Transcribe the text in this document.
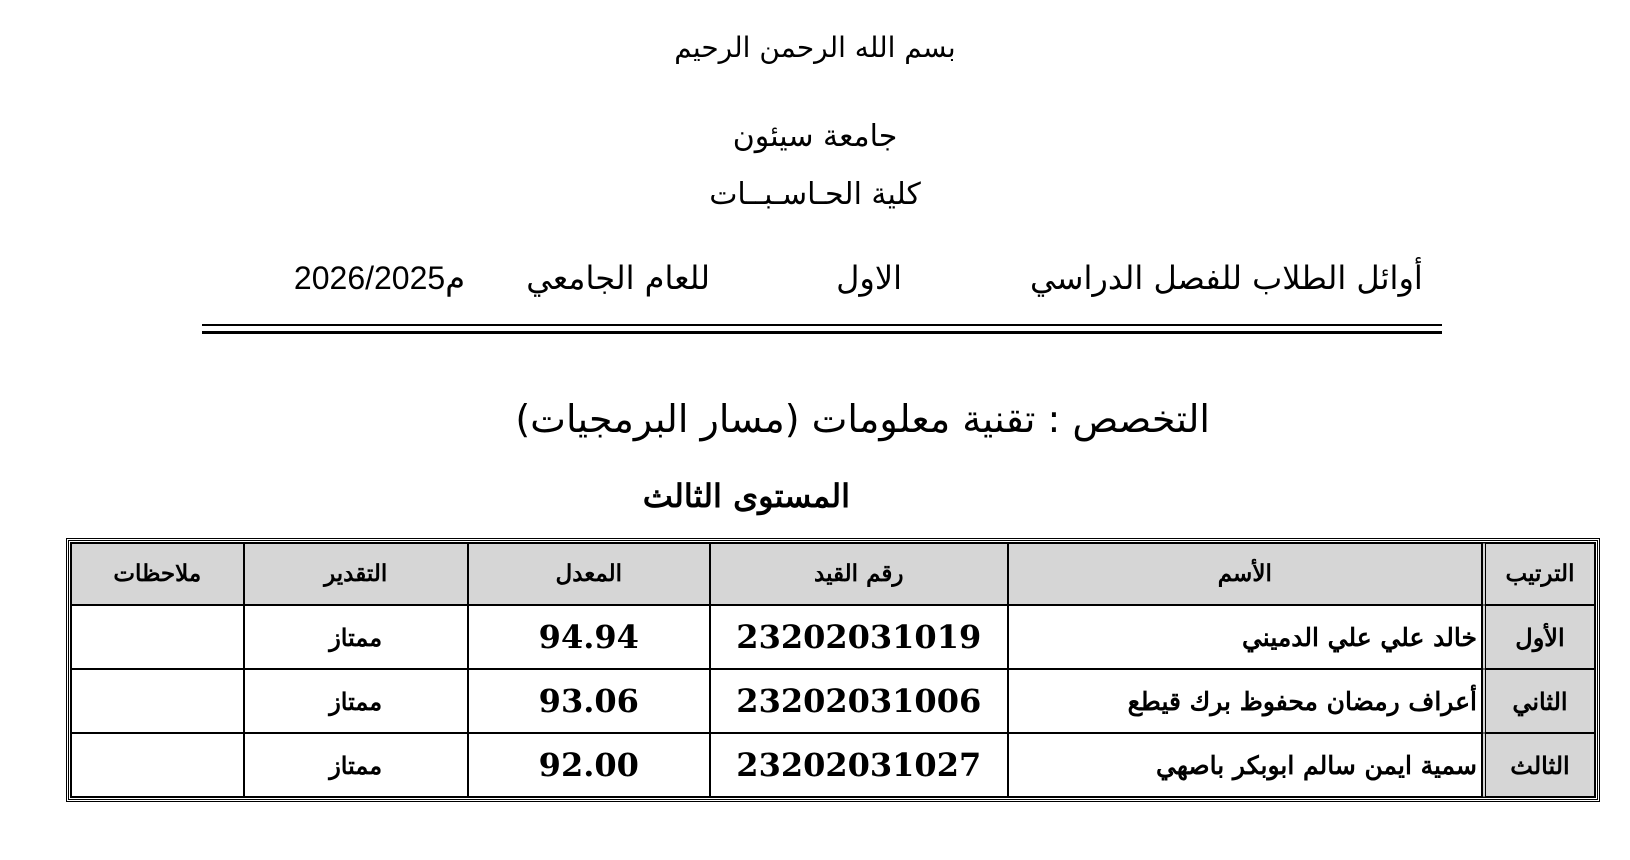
بسم الله الرحمن الرحيم
جامعة سيئون
كلية الحـاسـبــات
أوائل الطلاب للفصل الدراسي
الاول
للعام الجامعي
2026/2025م
التخصص : تقنية معلومات (مسار البرمجيات)
المستوى الثالث
الترتيب	الأسم	رقم القيد	المعدل	التقدير	ملاحظات
الأول	خالد علي علي الدميني	23202031019	94.94	ممتاز	
الثاني	أعراف رمضان محفوظ برك قيطع	23202031006	93.06	ممتاز	
الثالث	سمية ايمن سالم ابوبكر باصهي	23202031027	92.00	ممتاز	
